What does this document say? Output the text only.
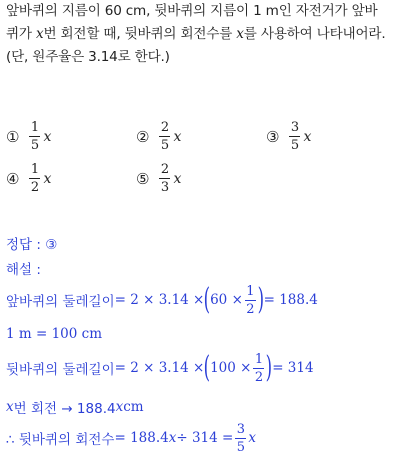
앞바퀴의 지름이 60 cm, 뒷바퀴의 지름이 1 m인 자전거가 앞바
퀴가 x번 회전할 때, 뒷바퀴의 회전수를 x를 사용하여 나타내어라.
(단, 원주율은 3.14로 한다.)
① $\frac{1}{5}$ x	② $\frac{2}{5}$ x	③ $\frac{3}{5}$ x
④ $\frac{1}{2}$ x	⑤ $\frac{2}{3}$ x
정답 : ③
해설 :
앞바퀴의 둘레길이 = 2 × 3.14 × ( $60 \times \frac{1}{2}$ ) = 188.4
1 m = 100 cm
뒷바퀴의 둘레길이 = 2 × 3.14 × ( $100 \times \frac{1}{2}$ ) = 314
x 번 회전 → 188.4 x cm
∴ 뒷바퀴의 회전수 = 188.4 $x \div 314 = \frac{3}{5}$ x
